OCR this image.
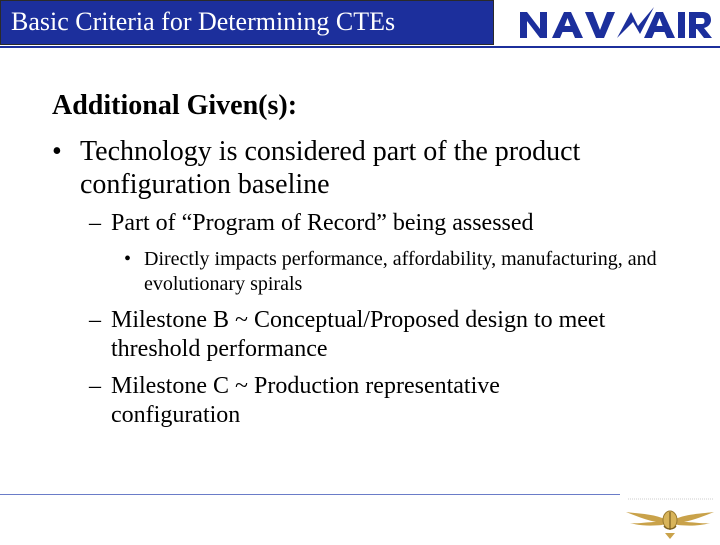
Basic Criteria for Determining CTEs
Additional Given(s):
• Technology is considered part of the product configuration baseline
– Part of “Program of Record” being assessed
• Directly impacts performance, affordability, manufacturing, and evolutionary spirals
– Milestone B ~ Conceptual/Proposed design to meet threshold performance
– Milestone C ~ Production representative configuration
